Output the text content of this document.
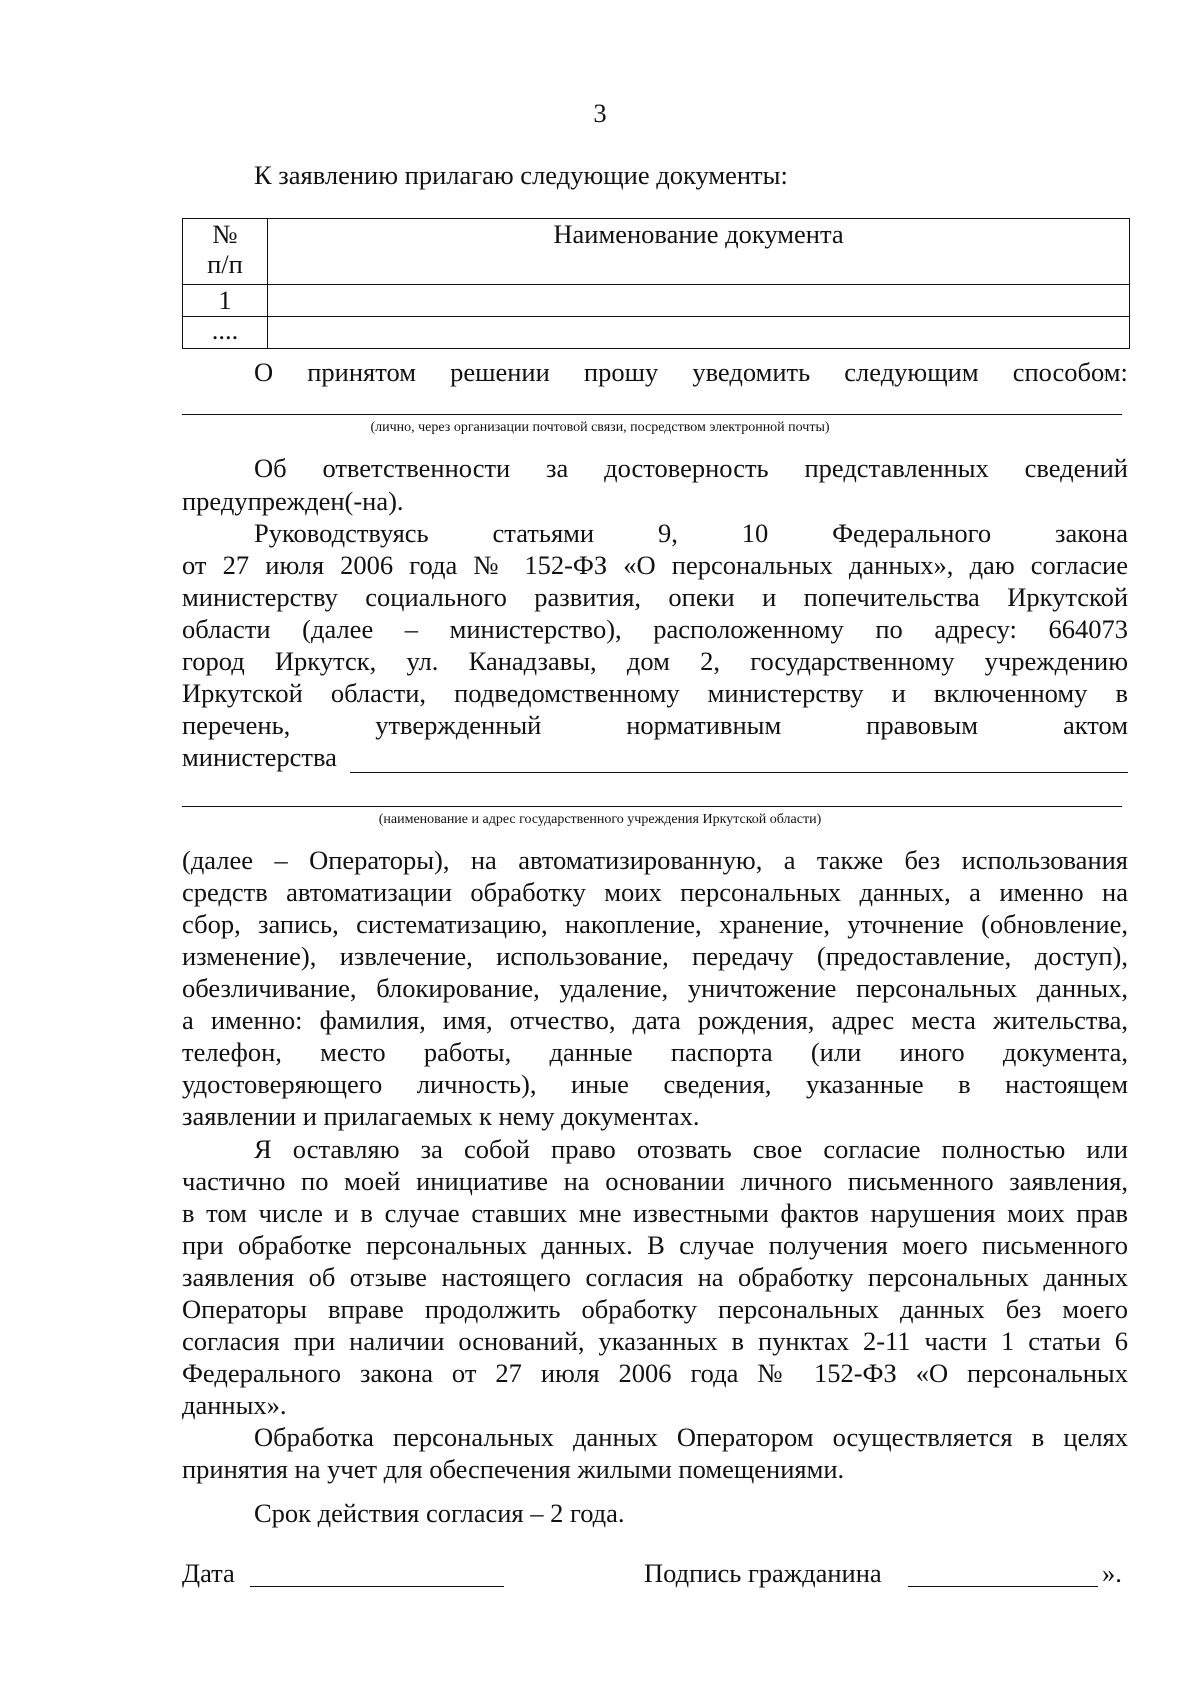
3
К заявлению прилагаю следующие документы:
№
п/п	Наименование документа
1	
....	
О принятом решении прошу уведомить следующим способом:
(лично, через организации почтовой связи, посредством электронной почты)
Об ответственности за достоверность представленных сведений
предупрежден(-на).
Руководствуясь статьями 9, 10 Федерального закона
от 27 июля 2006 года № 152-ФЗ «О персональных данных», даю согласие
министерству социального развития, опеки и попечительства Иркутской
области (далее – министерство), расположенному по адресу: 664073
город Иркутск, ул. Канадзавы, дом 2, государственному учреждению
Иркутской области, подведомственному министерству и включенному в
перечень,	утвержденный	нормативным	правовым	актом
министерства
(наименование и адрес государственного учреждения Иркутской области)
(далее – Операторы), на автоматизированную, а также без использования
средств автоматизации обработку моих персональных данных, а именно на
сбор, запись, систематизацию, накопление, хранение, уточнение (обновление,
изменение), извлечение, использование, передачу (предоставление, доступ),
обезличивание, блокирование, удаление, уничтожение персональных данных,
а именно: фамилия, имя, отчество, дата рождения, адрес места жительства,
телефон, место работы, данные паспорта (или иного документа,
удостоверяющего личность), иные сведения, указанные в настоящем
заявлении и прилагаемых к нему документах.
Я оставляю за собой право отозвать свое согласие полностью или
частично по моей инициативе на основании личного письменного заявления,
в том числе и в случае ставших мне известными фактов нарушения моих прав
при обработке персональных данных. В случае получения моего письменного
заявления об отзыве настоящего согласия на обработку персональных данных
Операторы вправе продолжить обработку персональных данных без моего
согласия при наличии оснований, указанных в пунктах 2-11 части 1 статьи 6
Федерального закона от 27 июля 2006 года № 152-ФЗ «О персональных
данных».
Обработка персональных данных Оператором осуществляется в целях
принятия на учет для обеспечения жилыми помещениями.
Срок действия согласия – 2 года.
Дата	Подпись гражданина	».
